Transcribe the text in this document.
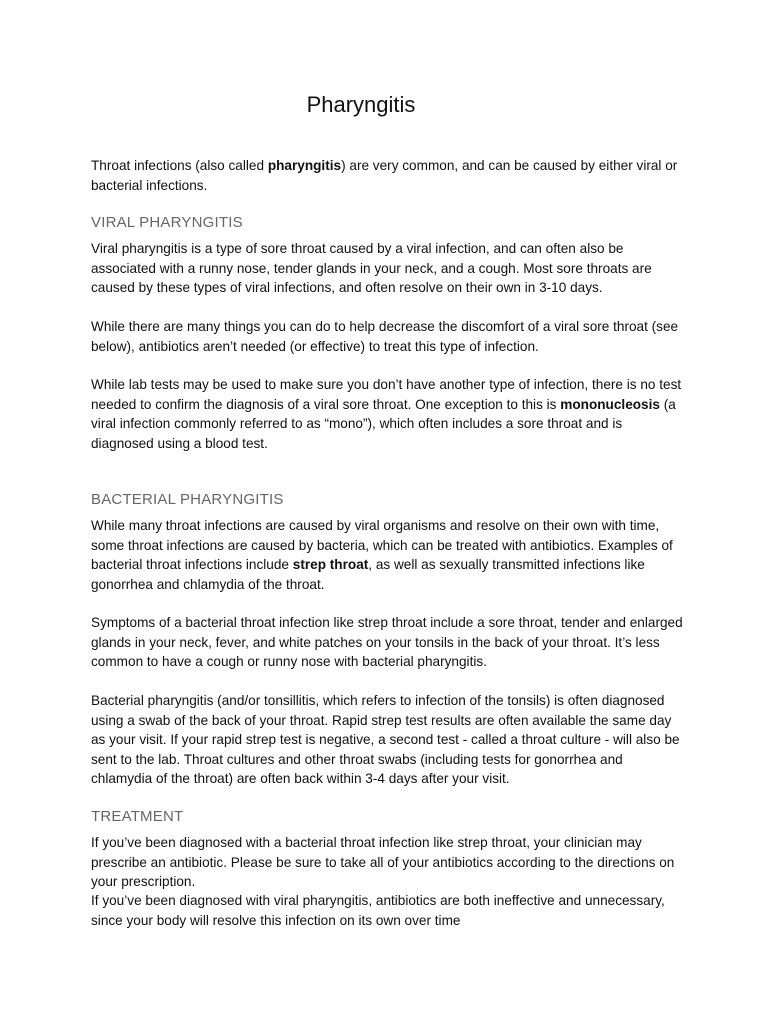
Pharyngitis

Throat infections (also called pharyngitis) are very common, and can be caused by either viral or bacterial infections.

VIRAL PHARYNGITIS

Viral pharyngitis is a type of sore throat caused by a viral infection, and can often also be associated with a runny nose, tender glands in your neck, and a cough. Most sore throats are caused by these types of viral infections, and often resolve on their own in 3-10 days.

While there are many things you can do to help decrease the discomfort of a viral sore throat (see below), antibiotics aren’t needed (or effective) to treat this type of infection.

While lab tests may be used to make sure you don’t have another type of infection, there is no test needed to confirm the diagnosis of a viral sore throat. One exception to this is mononucleosis (a viral infection commonly referred to as “mono”), which often includes a sore throat and is diagnosed using a blood test.

BACTERIAL PHARYNGITIS

While many throat infections are caused by viral organisms and resolve on their own with time, some throat infections are caused by bacteria, which can be treated with antibiotics. Examples of bacterial throat infections include strep throat, as well as sexually transmitted infections like gonorrhea and chlamydia of the throat.

Symptoms of a bacterial throat infection like strep throat include a sore throat, tender and enlarged glands in your neck, fever, and white patches on your tonsils in the back of your throat. It’s less common to have a cough or runny nose with bacterial pharyngitis.

Bacterial pharyngitis (and/or tonsillitis, which refers to infection of the tonsils) is often diagnosed using a swab of the back of your throat. Rapid strep test results are often available the same day as your visit. If your rapid strep test is negative, a second test - called a throat culture - will also be sent to the lab. Throat cultures and other throat swabs (including tests for gonorrhea and chlamydia of the throat) are often back within 3-4 days after your visit.

TREATMENT

If you’ve been diagnosed with a bacterial throat infection like strep throat, your clinician may prescribe an antibiotic. Please be sure to take all of your antibiotics according to the directions on your prescription.

If you’ve been diagnosed with viral pharyngitis, antibiotics are both ineffective and unnecessary, since your body will resolve this infection on its own over time
